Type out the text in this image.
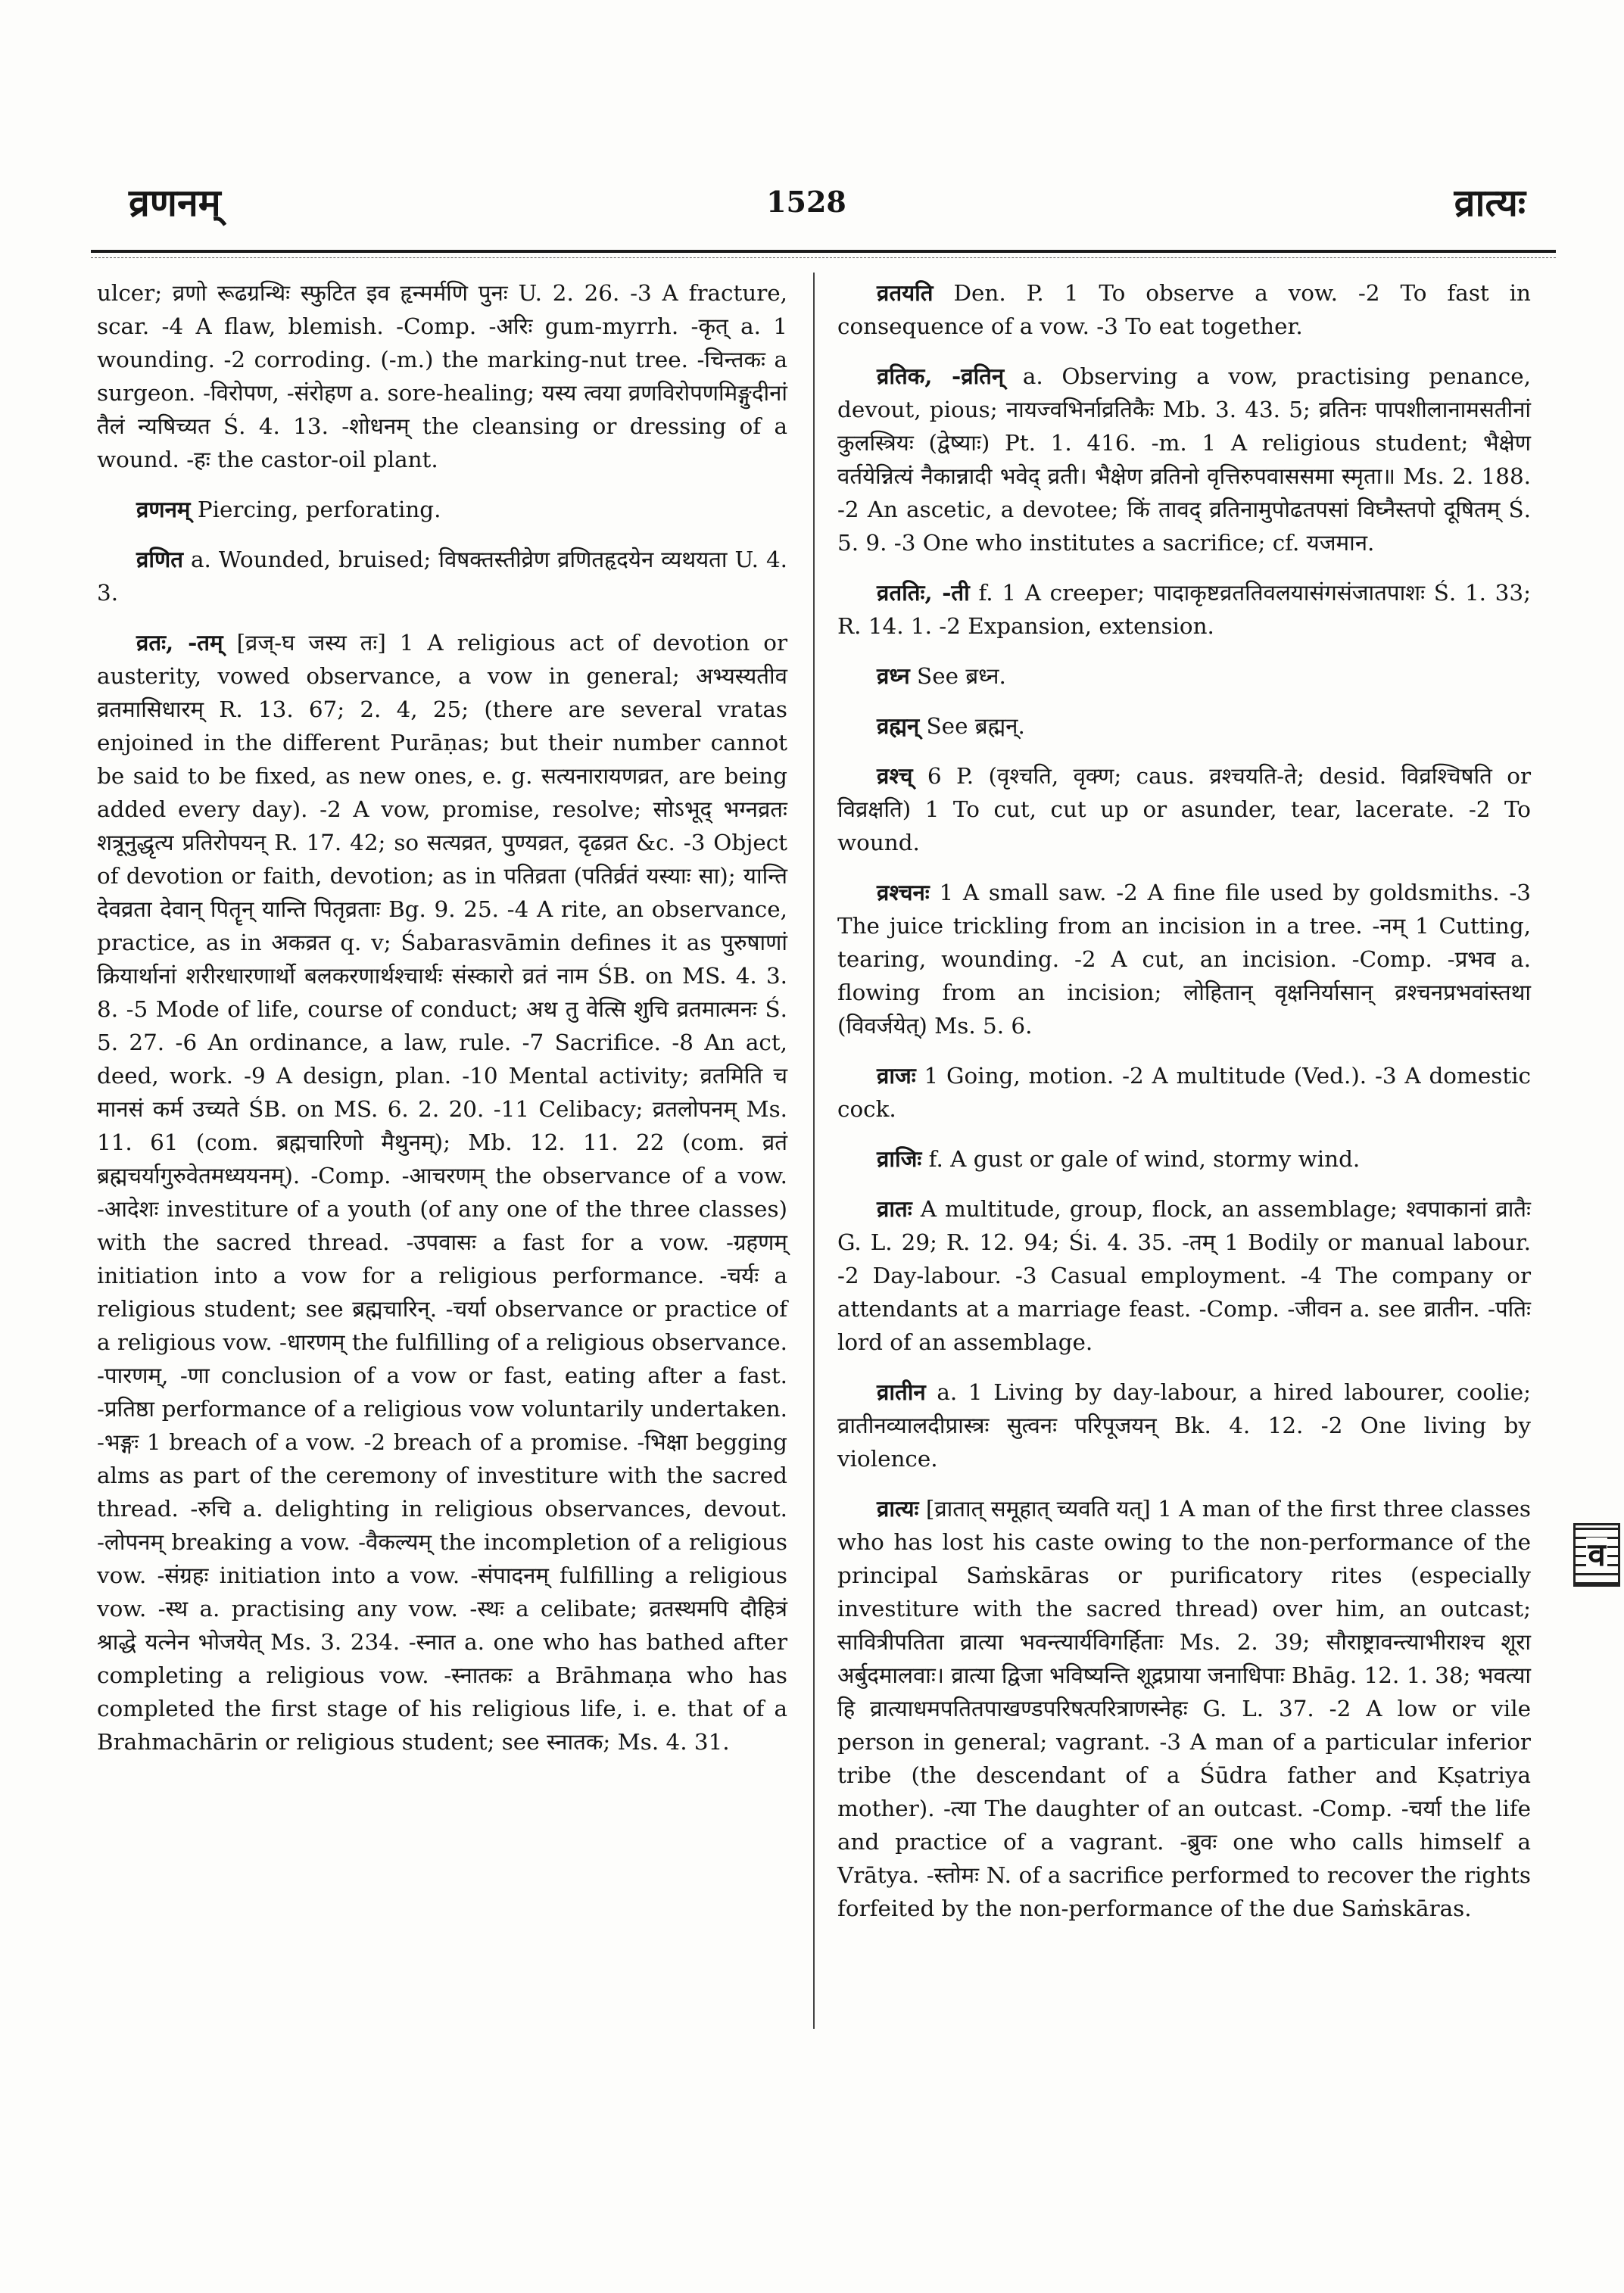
व्रणनम्	1528	व्रात्यः

ulcer; व्रणो रूढग्रन्थिः स्फुटित इव हृन्मर्मणि पुनः U. 2. 26. -3 A fracture, scar. -4 A flaw, blemish. -Comp. -अरिः gum-myrrh. -कृत् a. 1 wounding. -2 corroding. (-m.) the marking-nut tree. -चिन्तकः a surgeon. -विरोपण, -संरोहण a. sore-healing; यस्य त्वया व्रणविरोपणमिङ्गुदीनां तैलं न्यषिच्यत Ś. 4. 13. -शोधनम् the cleansing or dressing of a wound. -हः the castor-oil plant.

व्रणनम् Piercing, perforating.

व्रणित a. Wounded, bruised; विषक्तस्तीव्रेण व्रणितहृदयेन व्यथयता U. 4. 3.

व्रतः, -तम् [व्रज्-घ जस्य तः] 1 A religious act of devotion or austerity, vowed observance, a vow in general; अभ्यस्यतीव व्रतमासिधारम् R. 13. 67; 2. 4, 25; (there are several vratas enjoined in the different Purāṇas; but their number cannot be said to be fixed, as new ones, e. g. सत्यनारायणव्रत, are being added every day). -2 A vow, promise, resolve; सोऽभूद् भग्नव्रतः शत्रूनुद्धृत्य प्रतिरोपयन् R. 17. 42; so सत्यव्रत, पुण्यव्रत, दृढव्रत &c. -3 Object of devotion or faith, devotion; as in पतिव्रता (पतिर्व्रतं यस्याः सा); यान्ति देवव्रता देवान् पितॄन् यान्ति पितृव्रताः Bg. 9. 25. -4 A rite, an observance, practice, as in अकव्रत q. v; Śabarasvāmin defines it as पुरुषाणां क्रियार्थानां शरीरधारणार्थो बलकरणार्थश्चार्थः संस्कारो व्रतं नाम ŚB. on MS. 4. 3. 8. -5 Mode of life, course of conduct; अथ तु वेत्सि शुचि व्रतमात्मनः Ś. 5. 27. -6 An ordinance, a law, rule. -7 Sacrifice. -8 An act, deed, work. -9 A design, plan. -10 Mental activity; व्रतमिति च मानसं कर्म उच्यते ŚB. on MS. 6. 2. 20. -11 Celibacy; व्रतलोपनम् Ms. 11. 61 (com. ब्रह्मचारिणो मैथुनम्); Mb. 12. 11. 22 (com. व्रतं ब्रह्मचर्यागुरुवेतमध्ययनम्). -Comp. -आचरणम् the observance of a vow. -आदेशः investiture of a youth (of any one of the three classes) with the sacred thread. -उपवासः a fast for a vow. -ग्रहणम् initiation into a vow for a religious performance. -चर्यः a religious student; see ब्रह्मचारिन्. -चर्या observance or practice of a religious vow. -धारणम् the fulfilling of a religious observance. -पारणम्, -णा conclusion of a vow or fast, eating after a fast. -प्रतिष्ठा performance of a religious vow voluntarily undertaken. -भङ्गः 1 breach of a vow. -2 breach of a promise. -भिक्षा begging alms as part of the ceremony of investiture with the sacred thread. -रुचि a. delighting in religious observances, devout. -लोपनम् breaking a vow. -वैकल्यम् the incompletion of a religious vow. -संग्रहः initiation into a vow. -संपादनम् fulfilling a religious vow. -स्थ a. practising any vow. -स्थः a celibate; व्रतस्थमपि दौहित्रं श्राद्धे यत्नेन भोजयेत् Ms. 3. 234. -स्नात a. one who has bathed after completing a religious vow. -स्नातकः a Brāhmaṇa who has completed the first stage of his religious life, i. e. that of a Brahmachārin or religious student; see स्नातक; Ms. 4. 31.

व्रतयति Den. P. 1 To observe a vow. -2 To fast in consequence of a vow. -3 To eat together.

व्रतिक, -व्रतिन् a. Observing a vow, practising penance, devout, pious; नायज्वभिर्नाव्रतिकैः Mb. 3. 43. 5; व्रतिनः पापशीलानामसतीनां कुलस्त्रियः (द्वेष्याः) Pt. 1. 416. -m. 1 A religious student; भैक्षेण वर्तयेन्नित्यं नैकान्नादी भवेद् व्रती। भैक्षेण व्रतिनो वृत्तिरुपवाससमा स्मृता॥ Ms. 2. 188. -2 An ascetic, a devotee; किं तावद् व्रतिनामुपोढतपसां विघ्नैस्तपो दूषितम् Ś. 5. 9. -3 One who institutes a sacrifice; cf. यजमान.

व्रततिः, -ती f. 1 A creeper; पादाकृष्टव्रततिवलयासंगसंजातपाशः Ś. 1. 33; R. 14. 1. -2 Expansion, extension.

व्रध्न See ब्रध्न.

व्रह्मन् See ब्रह्मन्.

व्रश्च् 6 P. (वृश्चति, वृक्ण; caus. व्रश्चयति-ते; desid. विव्रश्चिषति or विव्रक्षति) 1 To cut, cut up or asunder, tear, lacerate. -2 To wound.

व्रश्चनः 1 A small saw. -2 A fine file used by goldsmiths. -3 The juice trickling from an incision in a tree. -नम् 1 Cutting, tearing, wounding. -2 A cut, an incision. -Comp. -प्रभव a. flowing from an incision; लोहितान् वृक्षनिर्यासान् व्रश्चनप्रभवांस्तथा (विवर्जयेत्) Ms. 5. 6.

व्राजः 1 Going, motion. -2 A multitude (Ved.). -3 A domestic cock.

व्राजिः f. A gust or gale of wind, stormy wind.

व्रातः A multitude, group, flock, an assemblage; श्वपाकानां व्रातैः G. L. 29; R. 12. 94; Śi. 4. 35. -तम् 1 Bodily or manual labour. -2 Day-labour. -3 Casual employment. -4 The company or attendants at a marriage feast. -Comp. -जीवन a. see व्रातीन. -पतिः lord of an assemblage.

व्रातीन a. 1 Living by day-labour, a hired labourer, coolie; व्रातीनव्यालदीप्रास्त्रः सुत्वनः परिपूजयन् Bk. 4. 12. -2 One living by violence.

व्रात्यः [व्रातात् समूहात् च्यवति यत्] 1 A man of the first three classes who has lost his caste owing to the non-performance of the principal Saṁskāras or purificatory rites (especially investiture with the sacred thread) over him, an outcast; सावित्रीपतिता व्रात्या भवन्त्यार्यविगर्हिताः Ms. 2. 39; सौराष्ट्रावन्त्याभीराश्च शूरा अर्बुदमालवाः। व्रात्या द्विजा भविष्यन्ति शूद्रप्राया जनाधिपाः Bhāg. 12. 1. 38; भवत्या हि व्रात्याधमपतितपाखण्डपरिषत्परित्राणस्नेहः G. L. 37. -2 A low or vile person in general; vagrant. -3 A man of a particular inferior tribe (the descendant of a Śūdra father and Kṣatriya mother). -त्या The daughter of an outcast. -Comp. -चर्या the life and practice of a vagrant. -ब्रुवः one who calls himself a Vrātya. -स्तोमः N. of a sacrifice performed to recover the rights forfeited by the non-performance of the due Saṁskāras.

व
